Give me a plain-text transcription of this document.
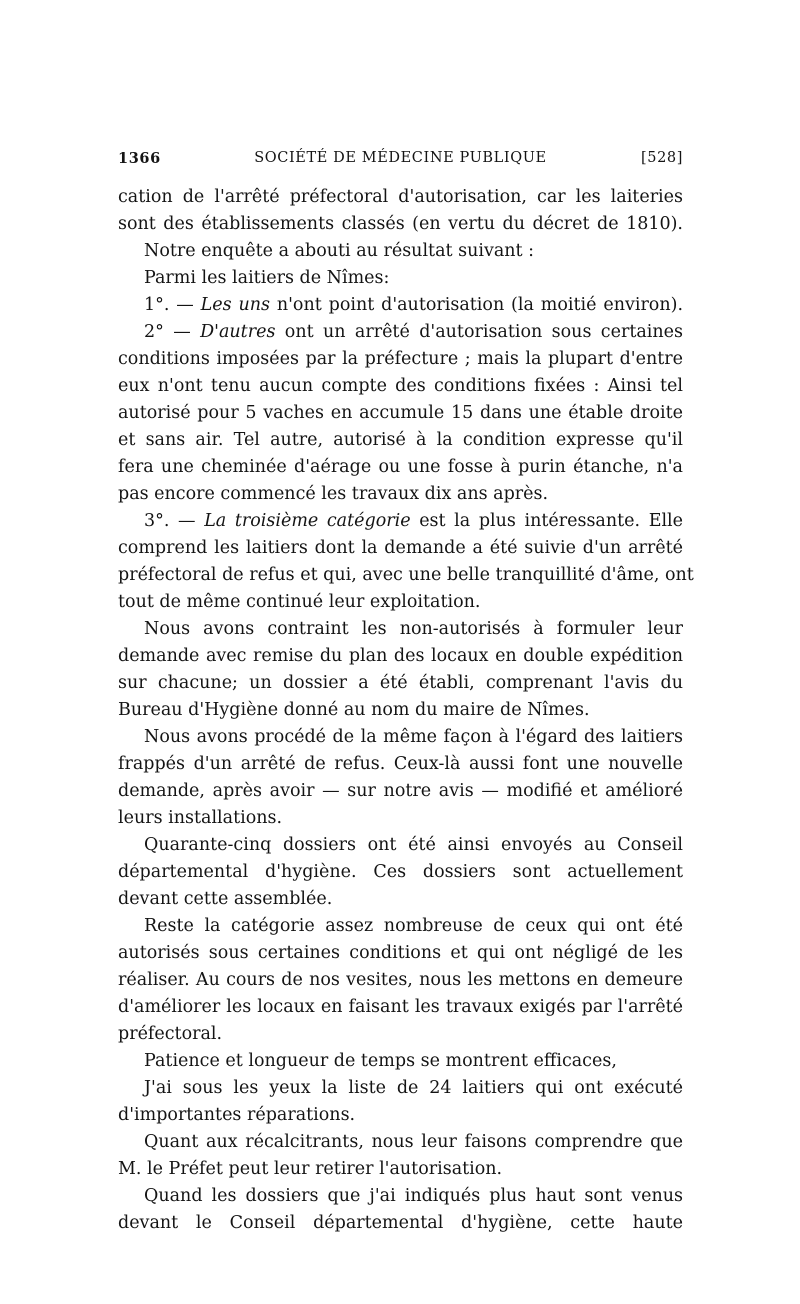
1366	SOCIÉTÉ DE MÉDECINE PUBLIQUE	[528]
cation de l'arrêté préfectoral d'autorisation, car les laiteries
sont des établissements classés (en vertu du décret de 1810).
Notre enquête a abouti au résultat suivant :
Parmi les laitiers de Nîmes:
1°. — Les uns n'ont point d'autorisation (la moitié environ).
2° — D'autres ont un arrêté d'autorisation sous certaines
conditions imposées par la préfecture ; mais la plupart d'entre
eux n'ont tenu aucun compte des conditions fixées : Ainsi tel
autorisé pour 5 vaches en accumule 15 dans une étable droite
et sans air. Tel autre, autorisé à la condition expresse qu'il
fera une cheminée d'aérage ou une fosse à purin étanche, n'a
pas encore commencé les travaux dix ans après.
3°. — La troisième catégorie est la plus intéressante. Elle
comprend les laitiers dont la demande a été suivie d'un arrêté
préfectoral de refus et qui, avec une belle tranquillité d'âme, ont
tout de même continué leur exploitation.
Nous avons contraint les non-autorisés à formuler leur
demande avec remise du plan des locaux en double expédition
sur chacune; un dossier a été établi, comprenant l'avis du
Bureau d'Hygiène donné au nom du maire de Nîmes.
Nous avons procédé de la même façon à l'égard des laitiers
frappés d'un arrêté de refus. Ceux-là aussi font une nouvelle
demande, après avoir — sur notre avis — modifié et amélioré
leurs installations.
Quarante-cinq dossiers ont été ainsi envoyés au Conseil
départemental d'hygiène. Ces dossiers sont actuellement
devant cette assemblée.
Reste la catégorie assez nombreuse de ceux qui ont été
autorisés sous certaines conditions et qui ont négligé de les
réaliser. Au cours de nos vesites, nous les mettons en demeure
d'améliorer les locaux en faisant les travaux exigés par l'arrêté
préfectoral.
Patience et longueur de temps se montrent efficaces,
J'ai sous les yeux la liste de 24 laitiers qui ont exécuté
d'importantes réparations.
Quant aux récalcitrants, nous leur faisons comprendre que
M. le Préfet peut leur retirer l'autorisation.
Quand les dossiers que j'ai indiqués plus haut sont venus
devant le Conseil départemental d'hygiène, cette haute
